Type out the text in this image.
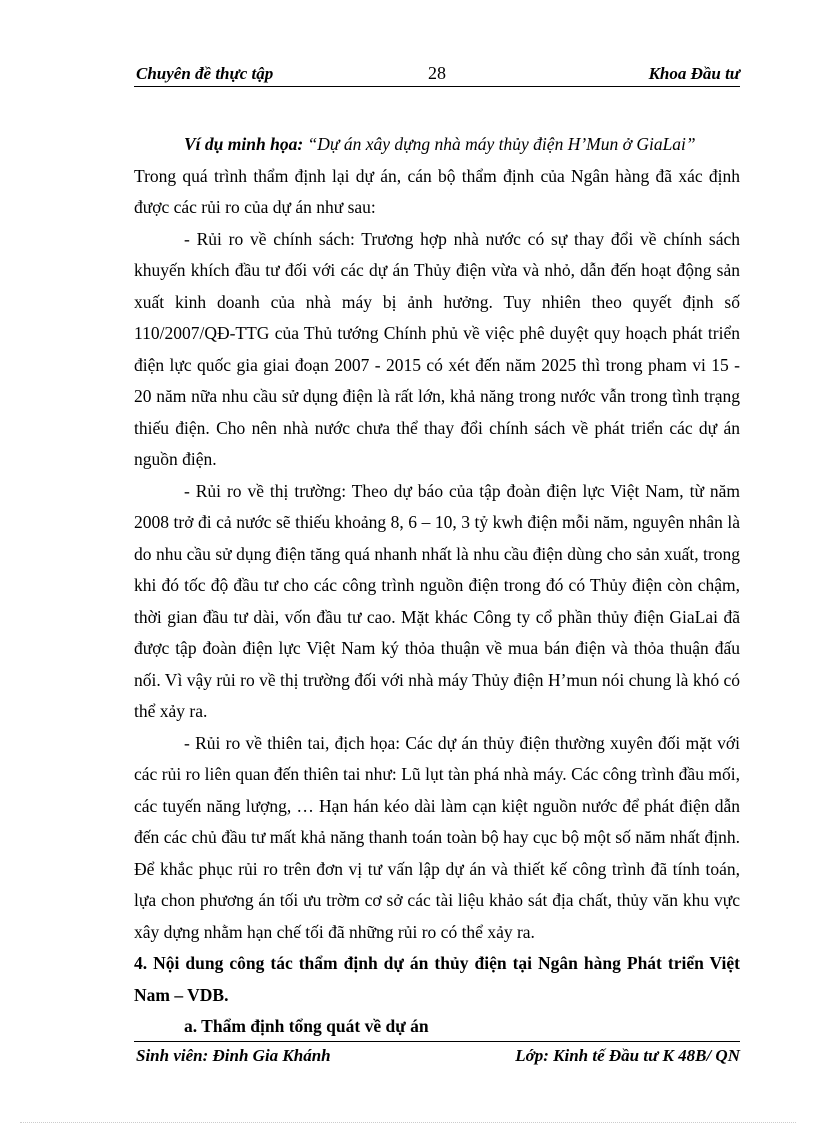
Chuyên đề thực tập	28	Khoa Đầu tư

Ví dụ minh họa: “Dự án xây dựng nhà máy thủy điện H’Mun ở GiaLai”

Trong quá trình thẩm định lại dự án, cán bộ thẩm định của Ngân hàng đã xác định được các rủi ro của dự án như sau:

- Rủi ro về chính sách: Trương hợp nhà nước có sự thay đổi về chính sách khuyến khích đầu tư đối với các dự án Thủy điện vừa và nhỏ, dẫn đến hoạt động sản xuất kinh doanh của nhà máy bị ảnh hưởng. Tuy nhiên theo quyết định số 110/2007/QĐ-TTG của Thủ tướng Chính phủ về việc phê duyệt quy hoạch phát triển điện lực quốc gia giai đoạn 2007 - 2015 có xét đến năm 2025 thì trong pham vi 15 - 20 năm nữa nhu cầu sử dụng điện là rất lớn, khả năng trong nước vẫn trong tình trạng thiếu điện. Cho nên nhà nước chưa thể thay đổi chính sách về phát triển các dự án nguồn điện.

- Rủi ro về thị trường: Theo dự báo của tập đoàn điện lực Việt Nam, từ năm 2008 trở đi cả nước sẽ thiếu khoảng 8, 6 – 10, 3 tỷ kwh điện mỗi năm, nguyên nhân là do nhu cầu sử dụng điện tăng quá nhanh nhất là nhu cầu điện dùng cho sản xuất, trong khi đó tốc độ đầu tư cho các công trình nguồn điện trong đó có Thủy điện còn chậm, thời gian đầu tư dài, vốn đầu tư cao. Mặt khác Công ty cổ phần thủy điện GiaLai đã được tập đoàn điện lực Việt Nam ký thỏa thuận về mua bán điện và thỏa thuận đấu nối. Vì vậy rủi ro về thị trường đối với nhà máy Thủy điện H’mun nói chung là khó có thể xảy ra.

- Rủi ro về thiên tai, địch họa: Các dự án thủy điện thường xuyên đối mặt với các rủi ro liên quan đến thiên tai như: Lũ lụt tàn phá nhà máy. Các công trình đầu mối, các tuyến năng lượng, … Hạn hán kéo dài làm cạn kiệt nguồn nước để phát điện dẫn đến các chủ đầu tư mất khả năng thanh toán toàn bộ hay cục bộ một số năm nhất định. Để khắc phục rủi ro trên đơn vị tư vấn lập dự án và thiết kế công trình đã tính toán, lựa chon phương án tối ưu trờm cơ sở các tài liệu khảo sát địa chất, thủy văn khu vực xây dựng nhằm hạn chế tối đã những rủi ro có thể xảy ra.

4. Nội dung công tác thẩm định dự án thủy điện tại Ngân hàng Phát triển Việt Nam – VDB.

a. Thẩm định tổng quát về dự án

Sinh viên: Đinh Gia Khánh	Lớp: Kinh tế Đầu tư K 48B/ QN
